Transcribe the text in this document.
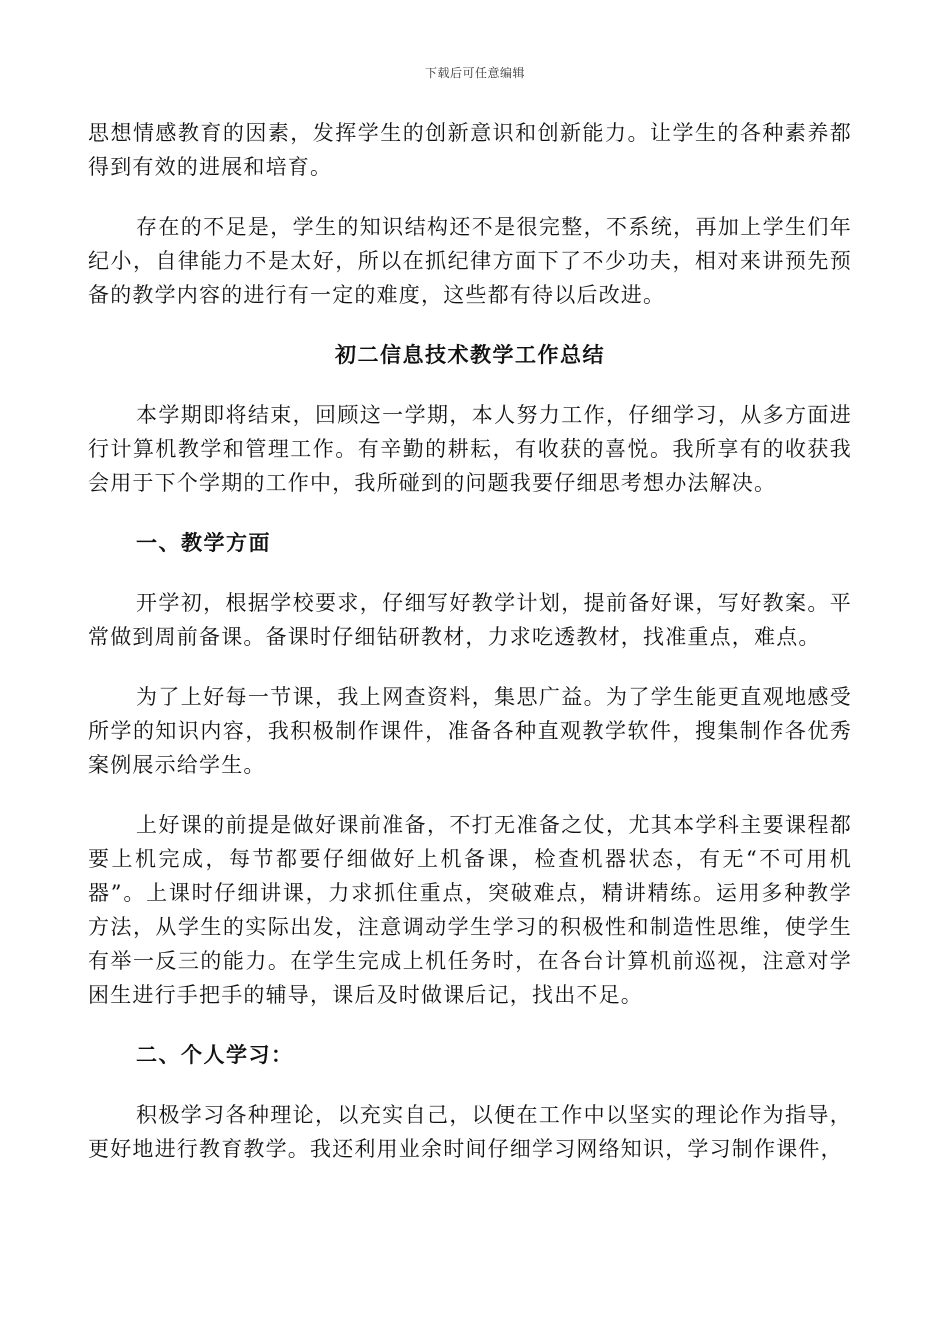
下载后可任意编辑

思想情感教育的因素，发挥学生的创新意识和创新能力。让学生的各种素养都得到有效的进展和培育。

存在的不足是，学生的知识结构还不是很完整，不系统，再加上学生们年纪小，自律能力不是太好，所以在抓纪律方面下了不少功夫，相对来讲预先预备的教学内容的进行有一定的难度，这些都有待以后改进。

初二信息技术教学工作总结

本学期即将结束，回顾这一学期，本人努力工作，仔细学习，从多方面进行计算机教学和管理工作。有辛勤的耕耘，有收获的喜悦。我所享有的收获我会用于下个学期的工作中，我所碰到的问题我要仔细思考想办法解决。

一、教学方面

开学初，根据学校要求，仔细写好教学计划，提前备好课，写好教案。平常做到周前备课。备课时仔细钻研教材，力求吃透教材，找准重点，难点。

为了上好每一节课，我上网查资料，集思广益。为了学生能更直观地感受所学的知识内容，我积极制作课件，准备各种直观教学软件，搜集制作各优秀案例展示给学生。

上好课的前提是做好课前准备，不打无准备之仗，尤其本学科主要课程都要上机完成，每节都要仔细做好上机备课，检查机器状态，有无“不可用机器”。上课时仔细讲课，力求抓住重点，突破难点，精讲精练。运用多种教学方法，从学生的实际出发，注意调动学生学习的积极性和制造性思维，使学生有举一反三的能力。在学生完成上机任务时，在各台计算机前巡视，注意对学困生进行手把手的辅导，课后及时做课后记，找出不足。

二、个人学习：

积极学习各种理论，以充实自己，以便在工作中以坚实的理论作为指导，更好地进行教育教学。我还利用业余时间仔细学习网络知识，学习制作课件，
